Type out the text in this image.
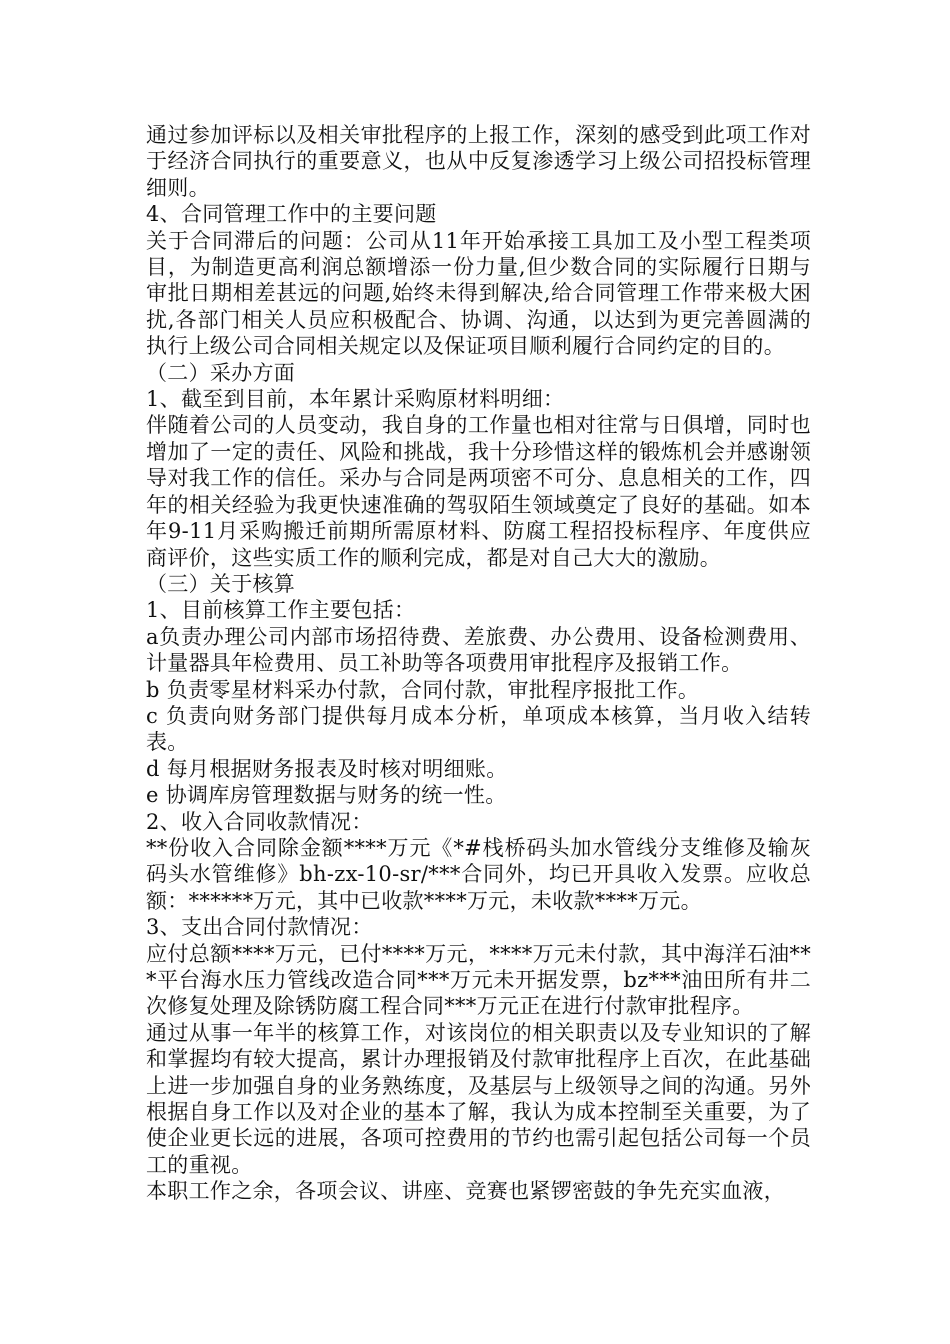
通过参加评标以及相关审批程序的上报工作，深刻的感受到此项工作对于经济合同执行的重要意义，也从中反复渗透学习上级公司招投标管理细则。

4、合同管理工作中的主要问题

关于合同滞后的问题：公司从11年开始承接工具加工及小型工程类项目，为制造更高利润总额增添一份力量,但少数合同的实际履行日期与审批日期相差甚远的问题,始终未得到解决,给合同管理工作带来极大困扰,各部门相关人员应积极配合、协调、沟通，以达到为更完善圆满的执行上级公司合同相关规定以及保证项目顺利履行合同约定的目的。

（二）采办方面

1、截至到目前，本年累计采购原材料明细：

伴随着公司的人员变动，我自身的工作量也相对往常与日俱增，同时也增加了一定的责任、风险和挑战，我十分珍惜这样的锻炼机会并感谢领导对我工作的信任。采办与合同是两项密不可分、息息相关的工作，四年的相关经验为我更快速准确的驾驭陌生领域奠定了良好的基础。如本年9-11月采购搬迁前期所需原材料、防腐工程招投标程序、年度供应商评价，这些实质工作的顺利完成，都是对自己大大的激励。

（三）关于核算

1、目前核算工作主要包括：

a负责办理公司内部市场招待费、差旅费、办公费用、设备检测费用、计量器具年检费用、员工补助等各项费用审批程序及报销工作。

b 负责零星材料采办付款，合同付款，审批程序报批工作。

c 负责向财务部门提供每月成本分析，单项成本核算，当月收入结转表。

d 每月根据财务报表及时核对明细账。

e 协调库房管理数据与财务的统一性。

2、收入合同收款情况：

**份收入合同除金额****万元《*#栈桥码头加水管线分支维修及输灰码头水管维修》bh-zx-10-sr/***合同外，均已开具收入发票。应收总额：******万元，其中已收款****万元，未收款****万元。

3、支出合同付款情况：

应付总额****万元，已付****万元，****万元未付款，其中海洋石油***平台海水压力管线改造合同***万元未开据发票，bz***油田所有井二次修复处理及除锈防腐工程合同***万元正在进行付款审批程序。

通过从事一年半的核算工作，对该岗位的相关职责以及专业知识的了解和掌握均有较大提高，累计办理报销及付款审批程序上百次，在此基础上进一步加强自身的业务熟练度，及基层与上级领导之间的沟通。另外根据自身工作以及对企业的基本了解，我认为成本控制至关重要，为了使企业更长远的进展，各项可控费用的节约也需引起包括公司每一个员工的重视。

本职工作之余，各项会议、讲座、竞赛也紧锣密鼓的争先充实血液，
